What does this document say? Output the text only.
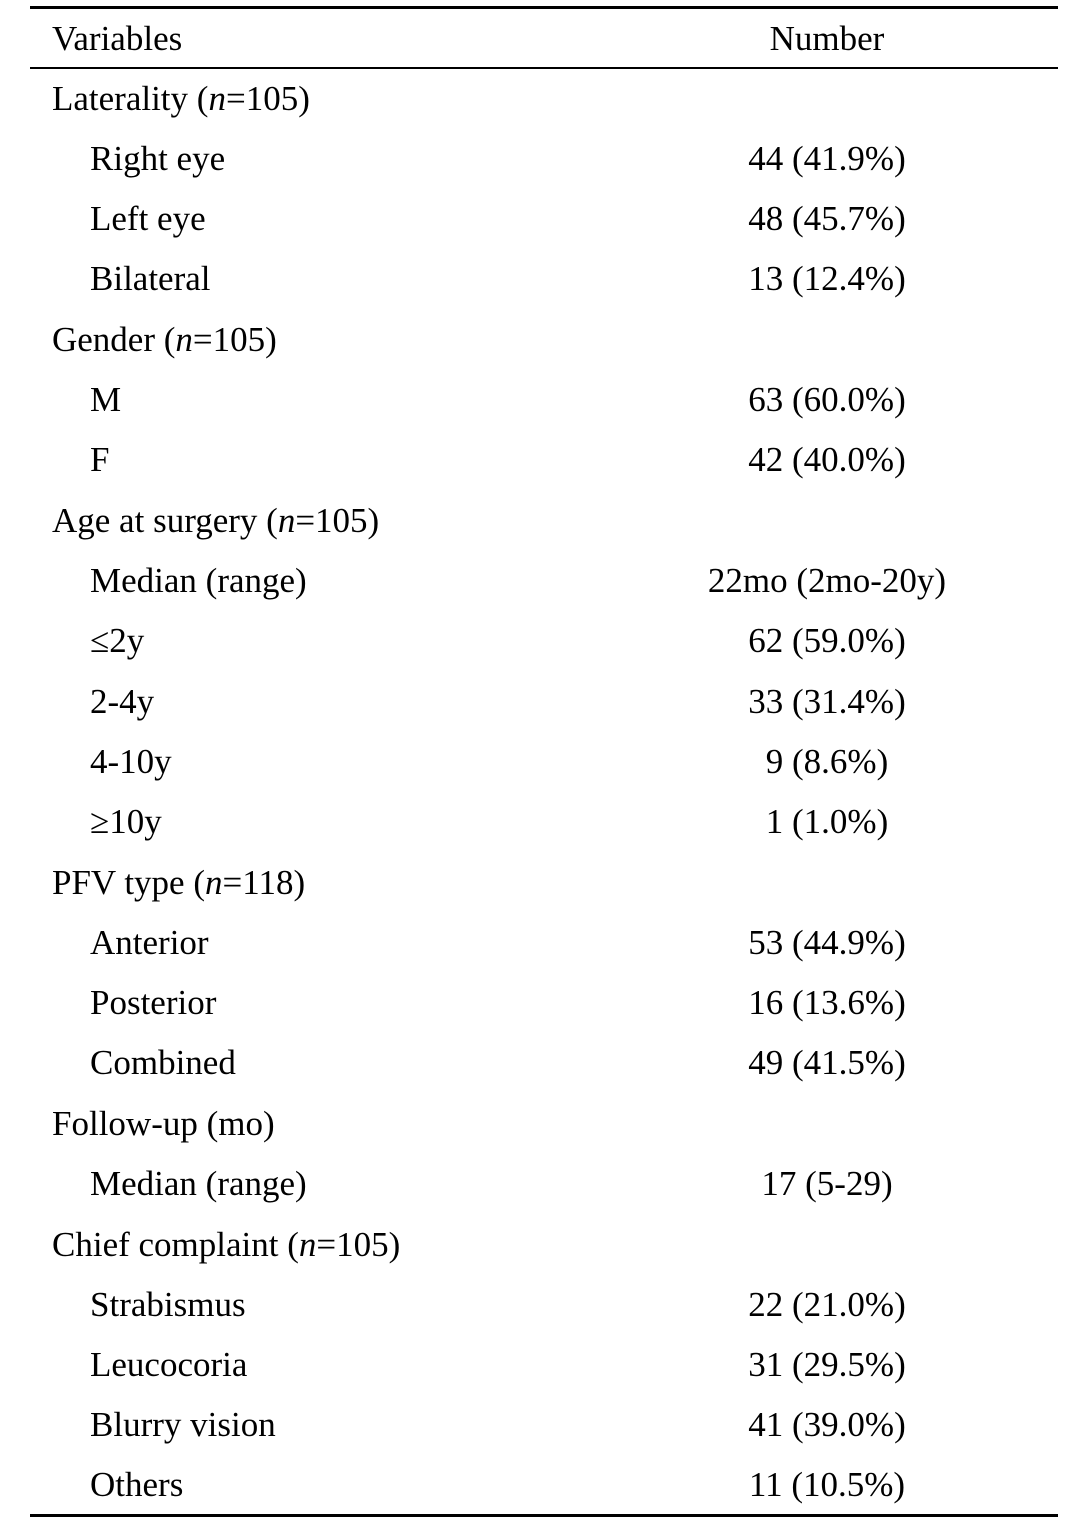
Variables	Number
Laterality (n=105)
Right eye	44 (41.9%)
Left eye	48 (45.7%)
Bilateral	13 (12.4%)
Gender (n=105)
M	63 (60.0%)
F	42 (40.0%)
Age at surgery (n=105)
Median (range)	22mo (2mo-20y)
≤2y	62 (59.0%)
2-4y	33 (31.4%)
4-10y	9 (8.6%)
≥10y	1 (1.0%)
PFV type (n=118)
Anterior	53 (44.9%)
Posterior	16 (13.6%)
Combined	49 (41.5%)
Follow-up (mo)
Median (range)	17 (5-29)
Chief complaint (n=105)
Strabismus	22 (21.0%)
Leucocoria	31 (29.5%)
Blurry vision	41 (39.0%)
Others	11 (10.5%)
